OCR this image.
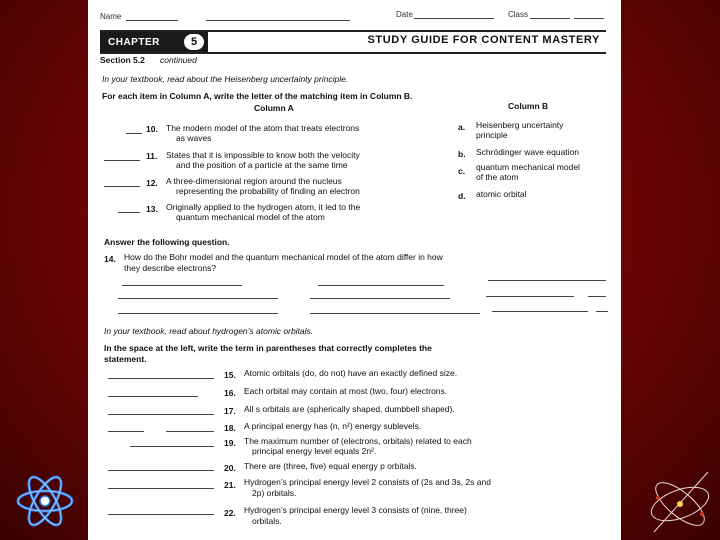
Name	Date	Class
CHAPTER	5	STUDY GUIDE FOR CONTENT MASTERY
Section 5.2 continued
In your textbook, read about the Heisenberg uncertainty principle.
For each item in Column A, write the letter of the matching item in Column B.
Column A	Column B
10. The modern model of the atom that treats electrons
as waves
11. States that it is impossible to know both the velocity
and the position of a particle at the same time
12. A three-dimensional region around the nucleus
representing the probability of finding an electron
13. Originally applied to the hydrogen atom, it led to the
quantum mechanical model of the atom
a. Heisenberg uncertainty
principle
b. Schrödinger wave equation
c. quantum mechanical model
of the atom
d. atomic orbital
Answer the following question.
14. How do the Bohr model and the quantum mechanical model of the atom differ in how
they describe electrons?
In your textbook, read about hydrogen’s atomic orbitals.
In the space at the left, write the term in parentheses that correctly completes the
statement.
15. Atomic orbitals (do, do not) have an exactly defined size.
16. Each orbital may contain at most (two, four) electrons.
17. All s orbitals are (spherically shaped, dumbbell shaped).
18. A principal energy has (n, n²) energy sublevels.
19. The maximum number of (electrons, orbitals) related to each
principal energy level equals 2n².
20. There are (three, five) equal energy p orbitals.
21. Hydrogen’s principal energy level 2 consists of (2s and 3s, 2s and
2p) orbitals.
22. Hydrogen’s principal energy level 3 consists of (nine, three)
orbitals.
